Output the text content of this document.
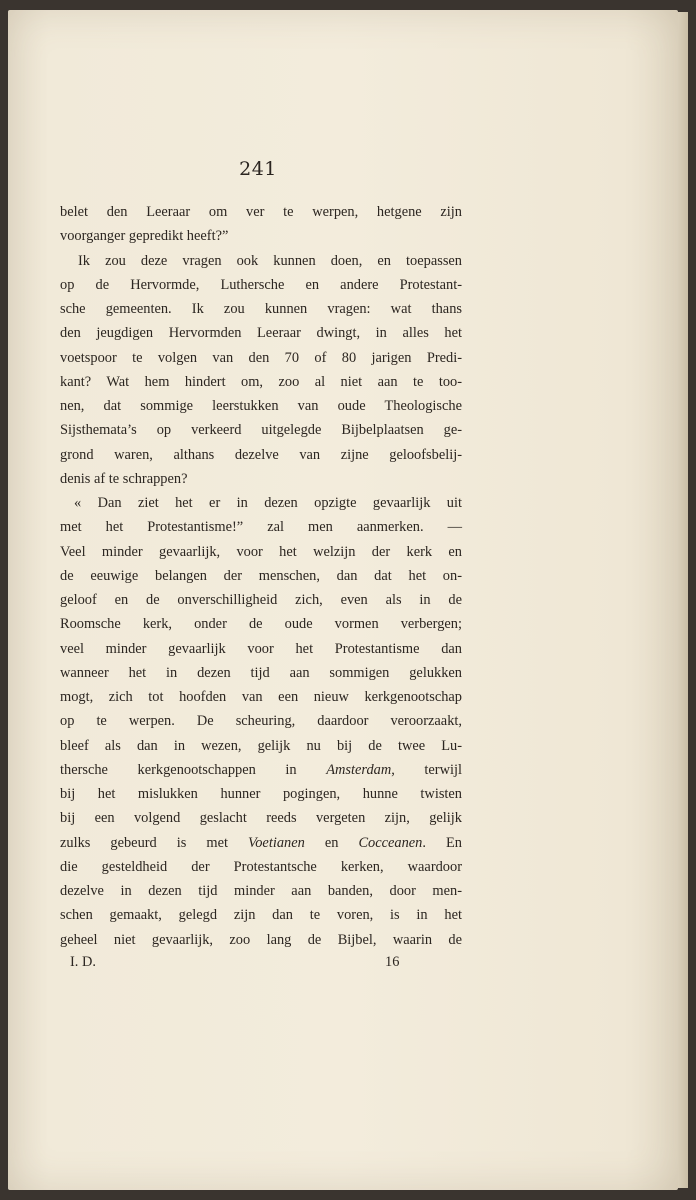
241
belet den Leeraar om ver te werpen, hetgene zijn
voorganger gepredikt heeft?”
Ik zou deze vragen ook kunnen doen, en toepassen
op de Hervormde, Luthersche en andere Protestant-
sche gemeenten. Ik zou kunnen vragen: wat thans
den jeugdigen Hervormden Leeraar dwingt, in alles het
voetspoor te volgen van den 70 of 80 jarigen Predi-
kant? Wat hem hindert om, zoo al niet aan te too-
nen, dat sommige leerstukken van oude Theologische
Sijsthemata’s op verkeerd uitgelegde Bijbelplaatsen ge-
grond waren, althans dezelve van zijne geloofsbelij-
denis af te schrappen?
« Dan ziet het er in dezen opzigte gevaarlijk uit
met het Protestantisme!” zal men aanmerken. —
Veel minder gevaarlijk, voor het welzijn der kerk en
de eeuwige belangen der menschen, dan dat het on-
geloof en de onverschilligheid zich, even als in de
Roomsche kerk, onder de oude vormen verbergen;
veel minder gevaarlijk voor het Protestantisme dan
wanneer het in dezen tijd aan sommigen gelukken
mogt, zich tot hoofden van een nieuw kerkgenootschap
op te werpen. De scheuring, daardoor veroorzaakt,
bleef als dan in wezen, gelijk nu bij de twee Lu-
thersche kerkgenootschappen in Amsterdam, terwijl
bij het mislukken hunner pogingen, hunne twisten
bij een volgend geslacht reeds vergeten zijn, gelijk
zulks gebeurd is met Voetianen en Cocceanen. En
die gesteldheid der Protestantsche kerken, waardoor
dezelve in dezen tijd minder aan banden, door men-
schen gemaakt, gelegd zijn dan te voren, is in het
geheel niet gevaarlijk, zoo lang de Bijbel, waarin de
I. D.	16
